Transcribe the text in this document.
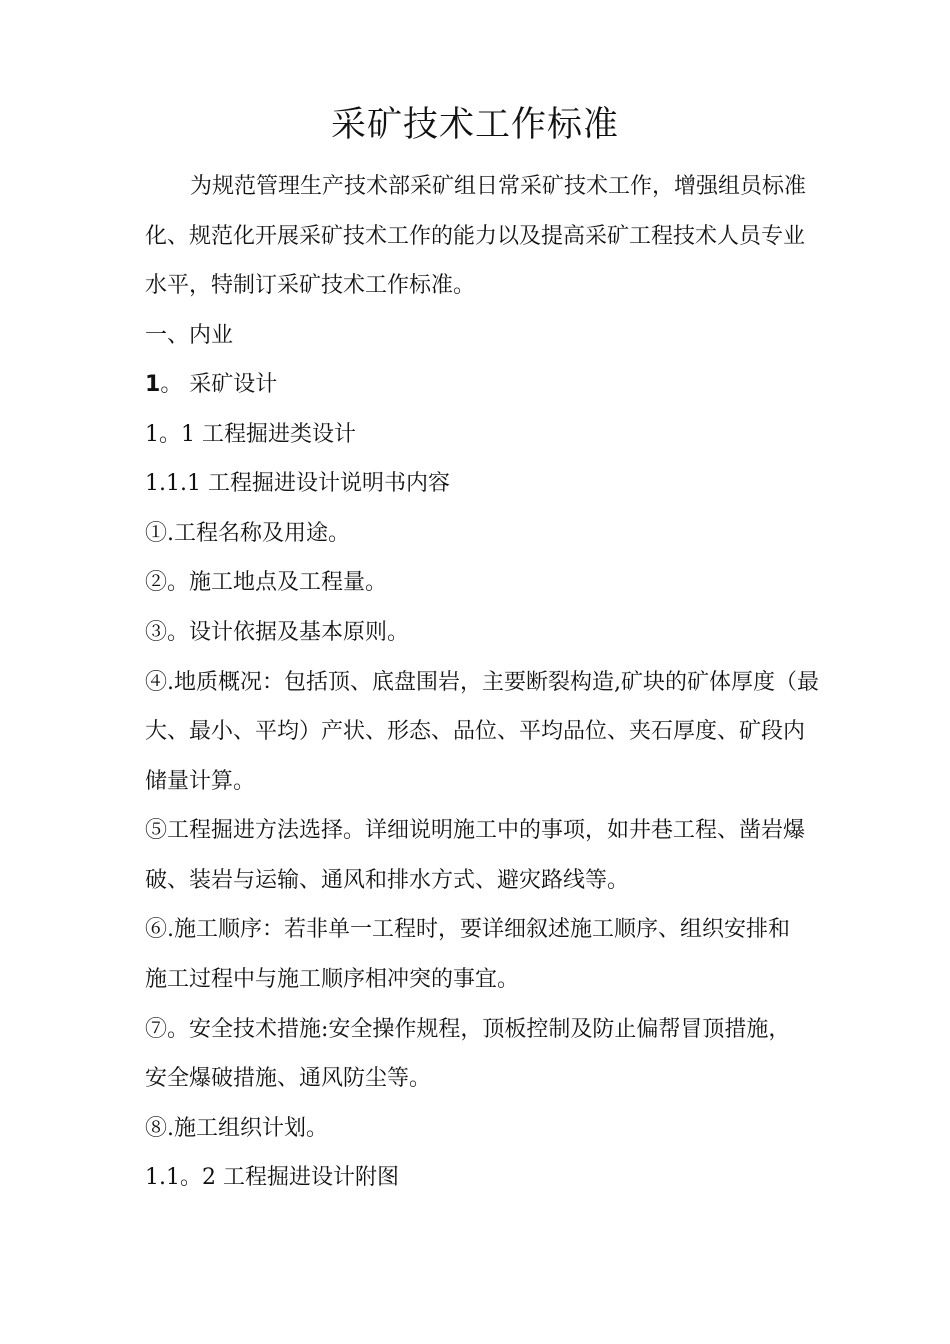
采矿技术工作标准
为规范管理生产技术部采矿组日常采矿技术工作，增强组员标准
化、规范化开展采矿技术工作的能力以及提高采矿工程技术人员专业
水平，特制订采矿技术工作标准。
一、内业
1。 采矿设计
1。1 工程掘进类设计
1.1.1 工程掘进设计说明书内容
①.工程名称及用途。
②。施工地点及工程量。
③。设计依据及基本原则。
④.地质概况：包括顶、底盘围岩，主要断裂构造,矿块的矿体厚度（最
大、最小、平均）产状、形态、品位、平均品位、夹石厚度、矿段内
储量计算。
⑤工程掘进方法选择。详细说明施工中的事项，如井巷工程、凿岩爆
破、装岩与运输、通风和排水方式、避灾路线等。
⑥.施工顺序：若非单一工程时，要详细叙述施工顺序、组织安排和
施工过程中与施工顺序相冲突的事宜。
⑦。安全技术措施:安全操作规程，顶板控制及防止偏帮冒顶措施，
安全爆破措施、通风防尘等。
⑧.施工组织计划。
1.1。2 工程掘进设计附图
